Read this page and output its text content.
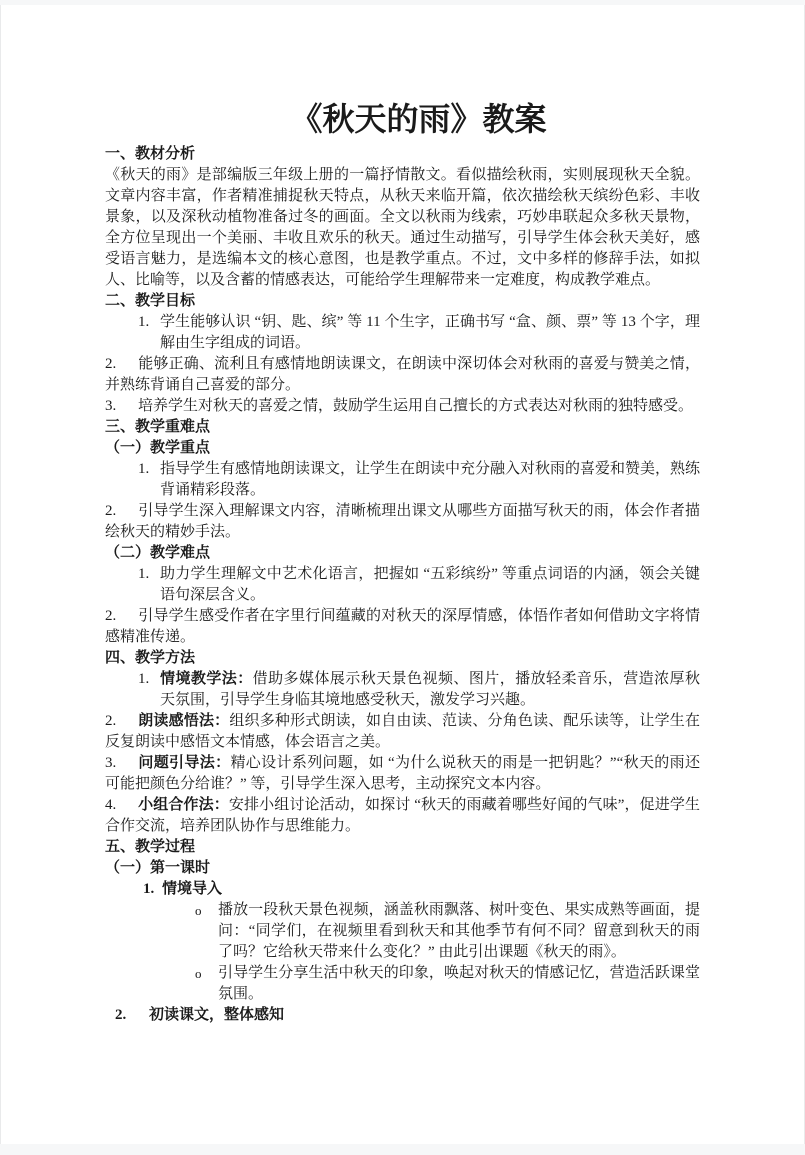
《秋天的雨》教案
一、教材分析
《秋天的雨》是部编版三年级上册的一篇抒情散文。看似描绘秋雨，实则展现秋天全貌。文章内容丰富，作者精准捕捉秋天特点，从秋天来临开篇，依次描绘秋天缤纷色彩、丰收景象，以及深秋动植物准备过冬的画面。全文以秋雨为线索，巧妙串联起众多秋天景物，全方位呈现出一个美丽、丰收且欢乐的秋天。通过生动描写，引导学生体会秋天美好，感受语言魅力，是选编本文的核心意图，也是教学重点。不过，文中多样的修辞手法，如拟人、比喻等，以及含蓄的情感表达，可能给学生理解带来一定难度，构成教学难点。
二、教学目标
1. 学生能够认识 “钥、匙、缤” 等 11 个生字，正确书写 “盒、颜、票” 等 13 个字，理解由生字组成的词语。
2. 能够正确、流利且有感情地朗读课文，在朗读中深切体会对秋雨的喜爱与赞美之情，并熟练背诵自己喜爱的部分。
3. 培养学生对秋天的喜爱之情，鼓励学生运用自己擅长的方式表达对秋雨的独特感受。
三、教学重难点
（一）教学重点
1. 指导学生有感情地朗读课文，让学生在朗读中充分融入对秋雨的喜爱和赞美，熟练背诵精彩段落。
2. 引导学生深入理解课文内容，清晰梳理出课文从哪些方面描写秋天的雨，体会作者描绘秋天的精妙手法。
（二）教学难点
1. 助力学生理解文中艺术化语言，把握如 “五彩缤纷” 等重点词语的内涵，领会关键语句深层含义。
2. 引导学生感受作者在字里行间蕴藏的对秋天的深厚情感，体悟作者如何借助文字将情感精准传递。
四、教学方法
1. 情境教学法：借助多媒体展示秋天景色视频、图片，播放轻柔音乐，营造浓厚秋天氛围，引导学生身临其境地感受秋天，激发学习兴趣。
2. 朗读感悟法：组织多种形式朗读，如自由读、范读、分角色读、配乐读等，让学生在反复朗读中感悟文本情感，体会语言之美。
3. 问题引导法：精心设计系列问题，如 “为什么说秋天的雨是一把钥匙？”“秋天的雨还可能把颜色分给谁？” 等，引导学生深入思考，主动探究文本内容。
4. 小组合作法：安排小组讨论活动，如探讨 “秋天的雨藏着哪些好闻的气味”，促进学生合作交流，培养团队协作与思维能力。
五、教学过程
（一）第一课时
1. 情境导入
o 播放一段秋天景色视频，涵盖秋雨飘落、树叶变色、果实成熟等画面，提问：“同学们，在视频里看到秋天和其他季节有何不同？留意到秋天的雨了吗？它给秋天带来什么变化？” 由此引出课题《秋天的雨》。
o 引导学生分享生活中秋天的印象，唤起对秋天的情感记忆，营造活跃课堂氛围。
2. 初读课文，整体感知
